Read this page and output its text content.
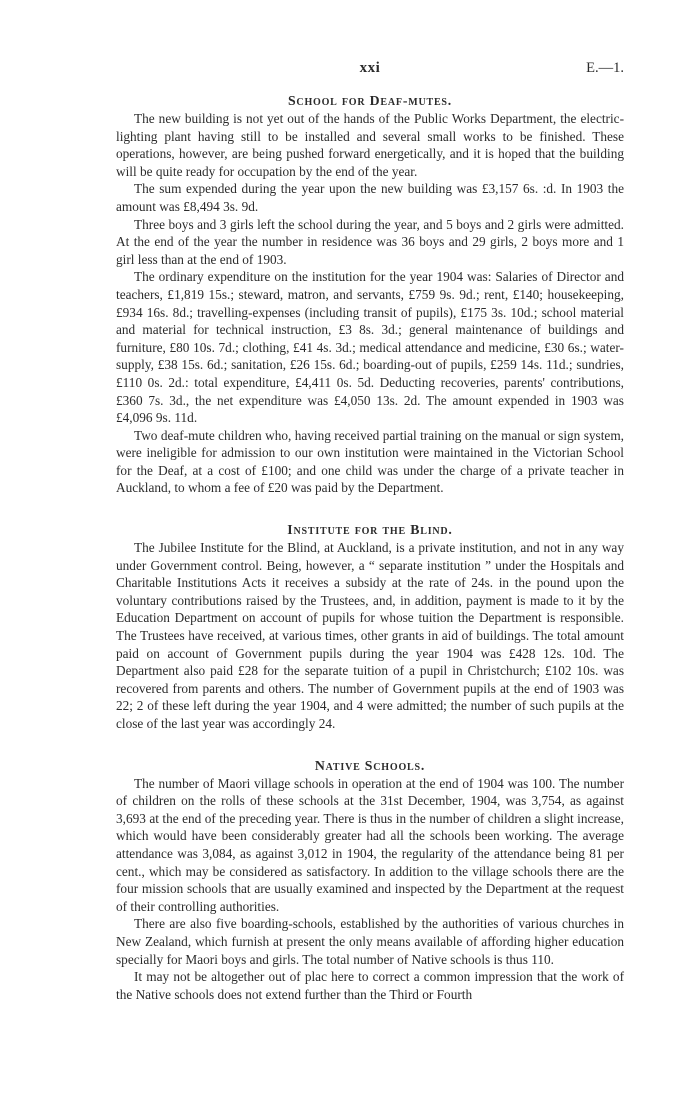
xxi	E.—1.
School for Deaf-mutes.

The new building is not yet out of the hands of the Public Works Department, the electric-lighting plant having still to be installed and several small works to be finished. These operations, however, are being pushed forward energetically, and it is hoped that the building will be quite ready for occupation by the end of the year.

The sum expended during the year upon the new building was £3,157 6s. :d. In 1903 the amount was £8,494 3s. 9d.

Three boys and 3 girls left the school during the year, and 5 boys and 2 girls were admitted. At the end of the year the number in residence was 36 boys and 29 girls, 2 boys more and 1 girl less than at the end of 1903.

The ordinary expenditure on the institution for the year 1904 was: Salaries of Director and teachers, £1,819 15s.; steward, matron, and servants, £759 9s. 9d.; rent, £140; housekeeping, £934 16s. 8d.; travelling-expenses (including transit of pupils), £175 3s. 10d.; school material and material for technical instruction, £3 8s. 3d.; general maintenance of buildings and furniture, £80 10s. 7d.; clothing, £41 4s. 3d.; medical attendance and medicine, £30 6s.; water-supply, £38 15s. 6d.; sanitation, £26 15s. 6d.; boarding-out of pupils, £259 14s. 11d.; sundries, £110 0s. 2d.: total expenditure, £4,411 0s. 5d. Deducting recoveries, parents' contributions, £360 7s. 3d., the net expenditure was £4,050 13s. 2d. The amount expended in 1903 was £4,096 9s. 11d.

Two deaf-mute children who, having received partial training on the manual or sign system, were ineligible for admission to our own institution were maintained in the Victorian School for the Deaf, at a cost of £100; and one child was under the charge of a private teacher in Auckland, to whom a fee of £20 was paid by the Department.

Institute for the Blind.

The Jubilee Institute for the Blind, at Auckland, is a private institution, and not in any way under Government control. Being, however, a “ separate institution ” under the Hospitals and Charitable Institutions Acts it receives a subsidy at the rate of 24s. in the pound upon the voluntary contributions raised by the Trustees, and, in addition, payment is made to it by the Education Department on account of pupils for whose tuition the Department is responsible. The Trustees have received, at various times, other grants in aid of buildings. The total amount paid on account of Government pupils during the year 1904 was £428 12s. 10d. The Department also paid £28 for the separate tuition of a pupil in Christchurch; £102 10s. was recovered from parents and others. The number of Government pupils at the end of 1903 was 22; 2 of these left during the year 1904, and 4 were admitted; the number of such pupils at the close of the last year was accordingly 24.

Native Schools.

The number of Maori village schools in operation at the end of 1904 was 100. The number of children on the rolls of these schools at the 31st December, 1904, was 3,754, as against 3,693 at the end of the preceding year. There is thus in the number of children a slight increase, which would have been considerably greater had all the schools been working. The average attendance was 3,084, as against 3,012 in 1904, the regularity of the attendance being 81 per cent., which may be considered as satisfactory. In addition to the village schools there are the four mission schools that are usually examined and inspected by the Department at the request of their controlling authorities.

There are also five boarding-schools, established by the authorities of various churches in New Zealand, which furnish at present the only means available of affording higher education specially for Maori boys and girls. The total number of Native schools is thus 110.

It may not be altogether out of plac here to correct a common impression that the work of the Native schools does not extend further than the Third or Fourth
